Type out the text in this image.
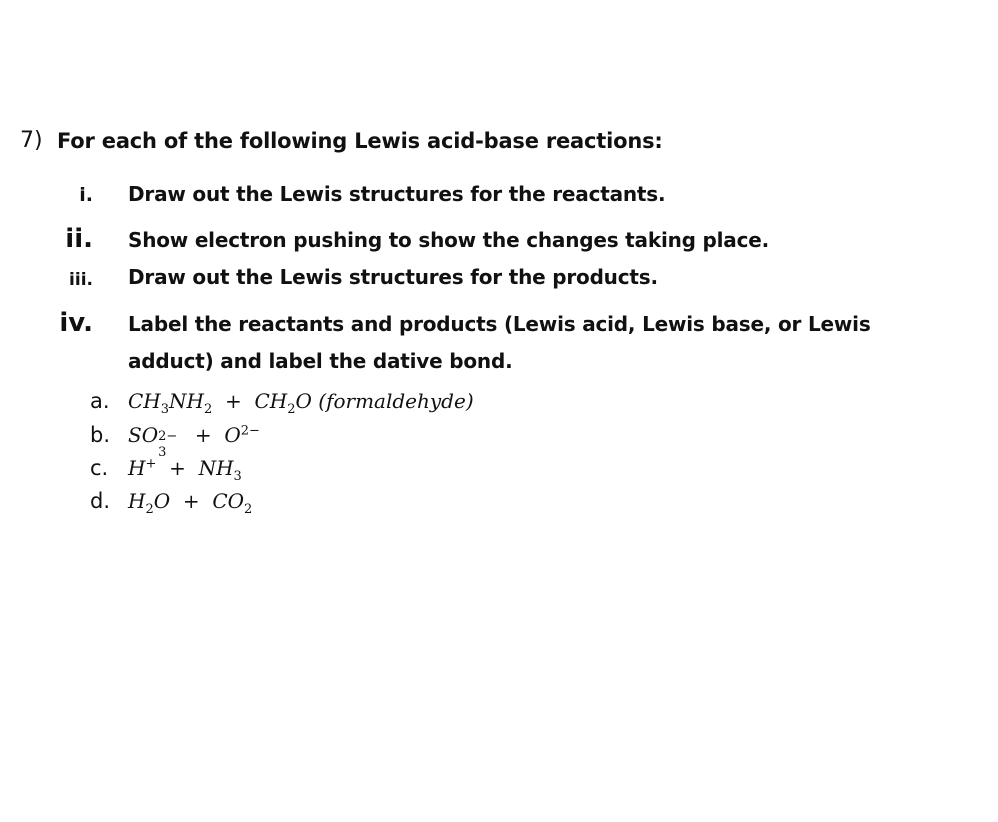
7) For each of the following Lewis acid-base reactions:
i. Draw out the Lewis structures for the reactants.
ii. Show electron pushing to show the changes taking place.
iii. Draw out the Lewis structures for the products.
iv. Label the reactants and products (Lewis acid, Lewis base, or Lewis
adduct) and label the dative bond.
a. $CH_3NH_2 + CH_2O$ (formaldehyde)
b. SO 2−
3
+ $O^{2-}$
c. $H^+ + NH_3$
d. $H_2O + CO_2$
